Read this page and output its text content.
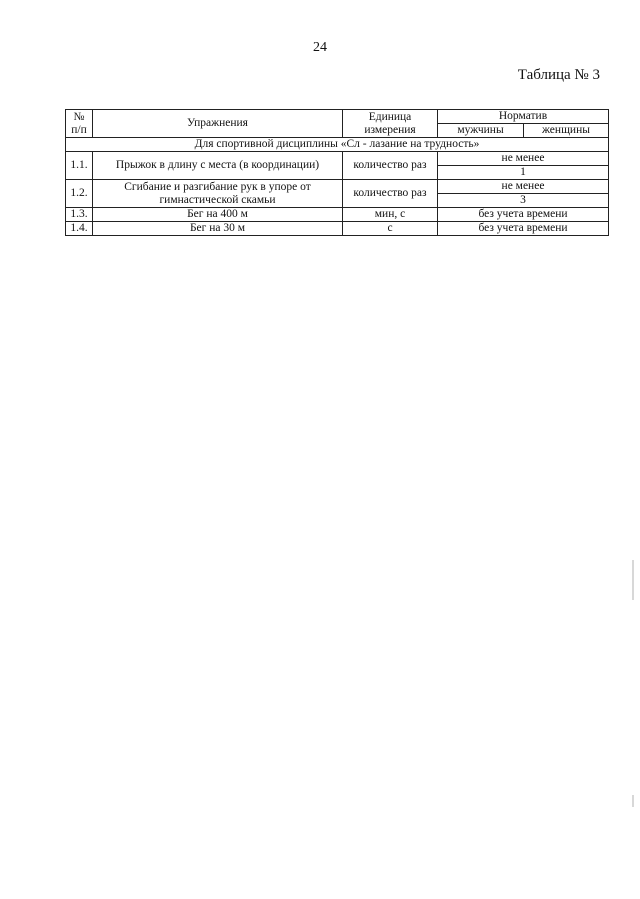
24
Таблица № 3
№ п/п	Упражнения	Единица измерения	Норматив	
			мужчины	женщины
Для спортивной дисциплины «Сл - лазание на трудность»				
1.1.	Прыжок в длину с места (в координации)	количество раз	не менее	
			1	
1.2.	Сгибание и разгибание рук в упоре от гимнастической скамьи	количество раз	не менее	
			3	
1.3.	Бег на 400 м	мин, с	без учета времени	
1.4.	Бег на 30 м	с	без учета времени	
